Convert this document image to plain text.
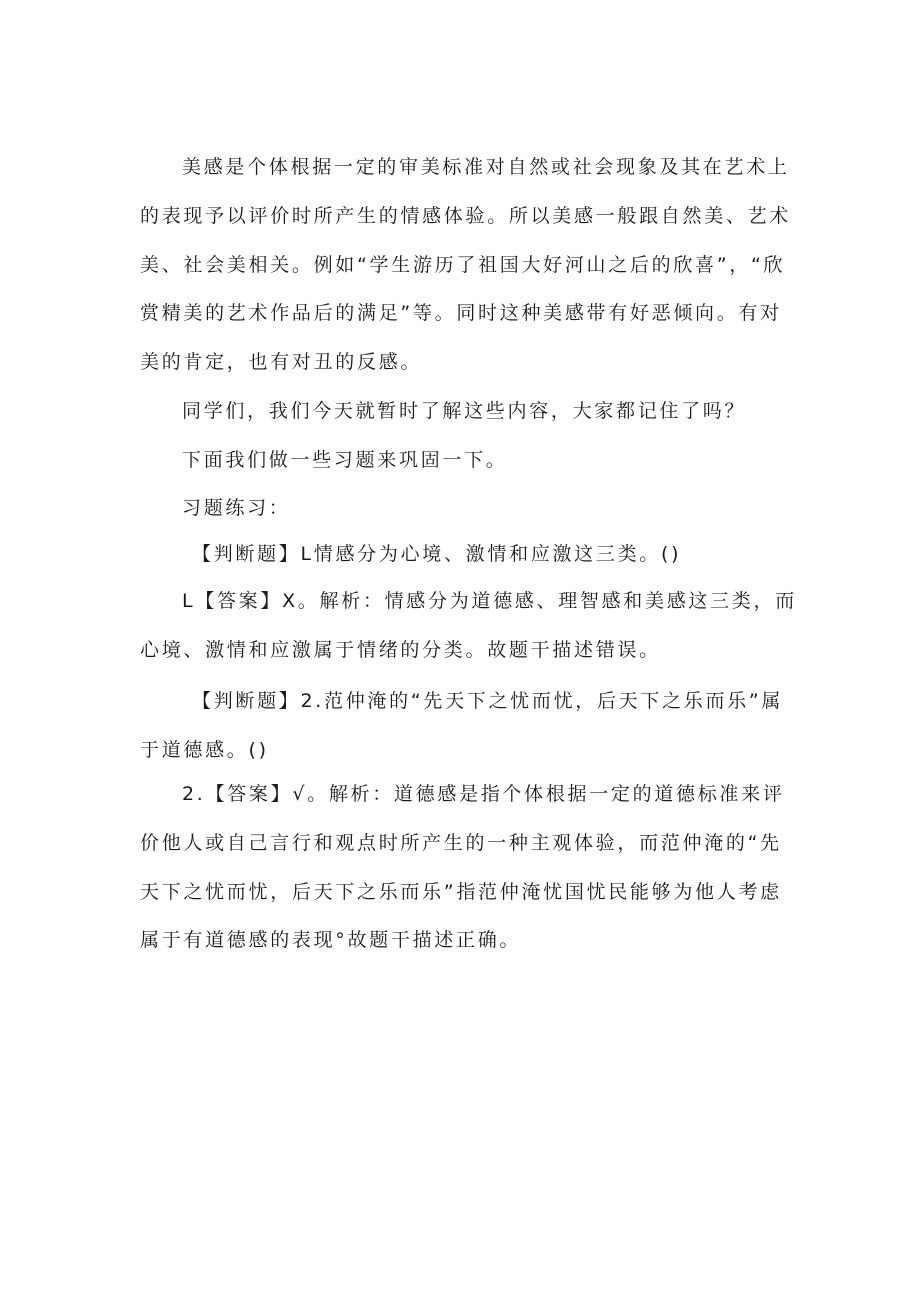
美感是个体根据一定的审美标准对自然或社会现象及其在艺术上的表现予以评价时所产生的情感体验。所以美感一般跟自然美、艺术美、社会美相关。例如“学生游历了祖国大好河山之后的欣喜”，“欣赏精美的艺术作品后的满足”等。同时这种美感带有好恶倾向。有对美的肯定，也有对丑的反感。

同学们，我们今天就暂时了解这些内容，大家都记住了吗？

下面我们做一些习题来巩固一下。

习题练习：

【判断题】L情感分为心境、激情和应激这三类。()

L【答案】X。解析：情感分为道德感、理智感和美感这三类，而心境、激情和应激属于情绪的分类。故题干描述错误。

【判断题】2.范仲淹的“先天下之忧而忧，后天下之乐而乐”属于道德感。()

2.【答案】√。解析：道德感是指个体根据一定的道德标准来评价他人或自己言行和观点时所产生的一种主观体验，而范仲淹的“先天下之忧而忧，后天下之乐而乐”指范仲淹忧国忧民能够为他人考虑属于有道德感的表现°故题干描述正确。
